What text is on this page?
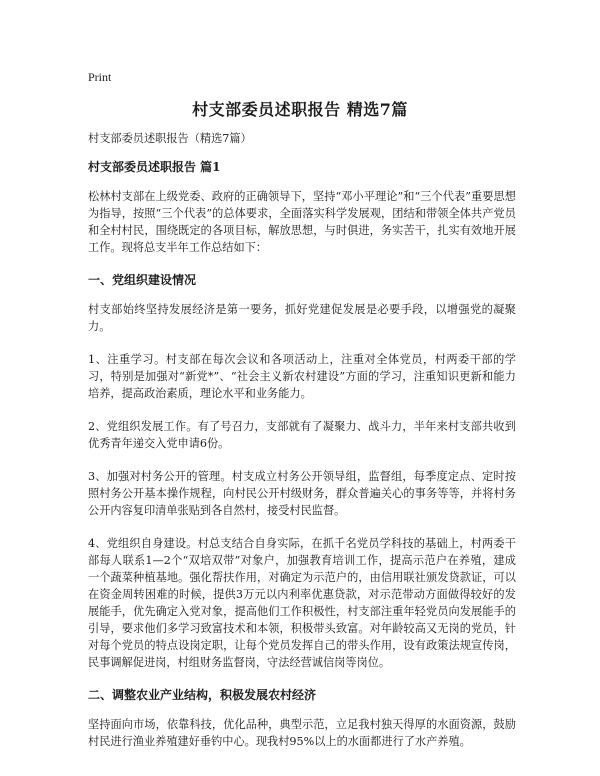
Print
村支部委员述职报告 精选7篇

村支部委员述职报告（精选7篇）

村支部委员述职报告 篇1

松林村支部在上级党委、政府的正确领导下，坚持“邓小平理论”和“三个代表”重要思想为指导，按照“三个代表”的总体要求，全面落实科学发展观，团结和带领全体共产党员和全村村民，围绕既定的各项目标，解放思想，与时俱进，务实苦干，扎实有效地开展工作。现将总支半年工作总结如下：

一、党组织建设情况

村支部始终坚持发展经济是第一要务，抓好党建促发展是必要手段，以增强党的凝聚力。

1、注重学习。村支部在每次会议和各项活动上，注重对全体党员，村两委干部的学习，特别是加强对“新党*”、“社会主义新农村建设”方面的学习，注重知识更新和能力培养，提高政治素质，理论水平和业务能力。

2、党组织发展工作。有了号召力，支部就有了凝聚力、战斗力，半年来村支部共收到优秀青年递交入党申请6份。

3、加强对村务公开的管理。村支成立村务公开领导组，监督组，每季度定点、定时按照村务公开基本操作规程，向村民公开村级财务，群众普遍关心的事务等等，并将村务公开内容复印清单张贴到各自然村，接受村民监督。

4、党组织自身建设。村总支结合自身实际，在抓千名党员学科技的基础上，村两委干部每人联系1—2个“双培双带”对象户，加强教育培训工作，提高示范户在养殖，建成一个蔬菜种植基地。强化帮扶作用，对确定为示范户的，由信用联社颁发贷款证，可以在资金周转困难的时候，提供3万元以内利率优惠贷款，对示范带动方面做得较好的发展能手，优先确定入党对象，提高他们工作积极性，村支部注重年轻党员向发展能手的引导，要求他们多学习致富技术和本领，积极带头致富。对年龄较高又无岗的党员，针对每个党员的特点设岗定职，让每个党员发挥自己的带头作用，设有政策法规宣传岗，民事调解促进岗，村组财务监督岗，守法经营诚信岗等岗位。

二、调整农业产业结构，积极发展农村经济

坚持面向市场，依靠科技，优化品种，典型示范，立足我村独天得厚的水面资源，鼓励村民进行渔业养殖建好垂钓中心。现我村95%以上的水面都进行了水产养殖。
